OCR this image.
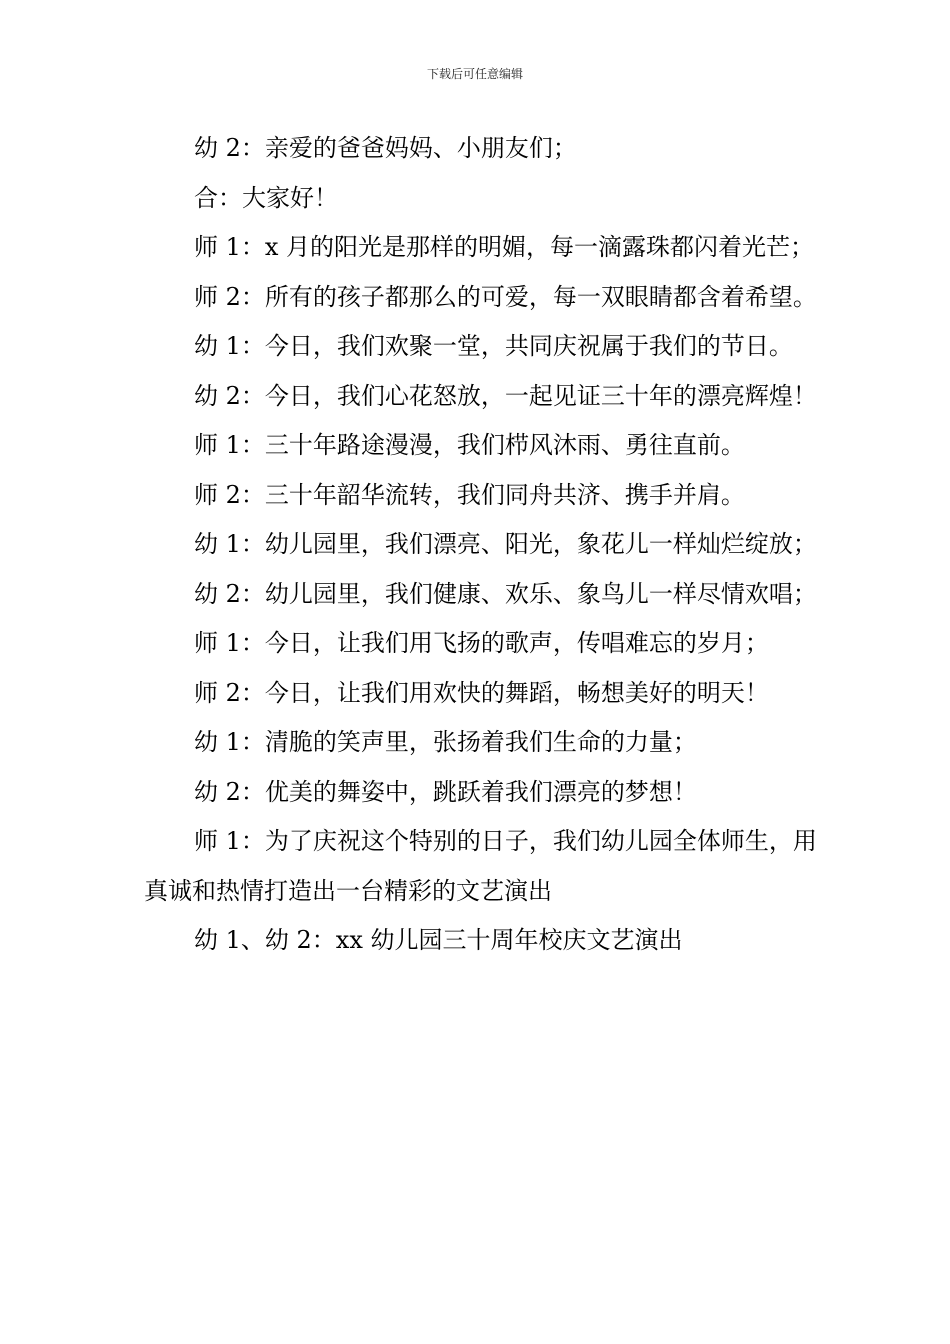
下载后可任意编辑

幼 2：亲爱的爸爸妈妈、小朋友们；

合：大家好！

师 1：x 月的阳光是那样的明媚，每一滴露珠都闪着光芒；

师 2：所有的孩子都那么的可爱，每一双眼睛都含着希望。

幼 1：今日，我们欢聚一堂，共同庆祝属于我们的节日。

幼 2：今日，我们心花怒放，一起见证三十年的漂亮辉煌！

师 1：三十年路途漫漫，我们栉风沐雨、勇往直前。

师 2：三十年韶华流转，我们同舟共济、携手并肩。

幼 1：幼儿园里，我们漂亮、阳光，象花儿一样灿烂绽放；

幼 2：幼儿园里，我们健康、欢乐、象鸟儿一样尽情欢唱；

师 1：今日，让我们用飞扬的歌声，传唱难忘的岁月；

师 2：今日，让我们用欢快的舞蹈，畅想美好的明天！

幼 1：清脆的笑声里，张扬着我们生命的力量；

幼 2：优美的舞姿中，跳跃着我们漂亮的梦想！

师 1：为了庆祝这个特别的日子，我们幼儿园全体师生，用真诚和热情打造出一台精彩的文艺演出

幼 1、幼 2：xx 幼儿园三十周年校庆文艺演出
